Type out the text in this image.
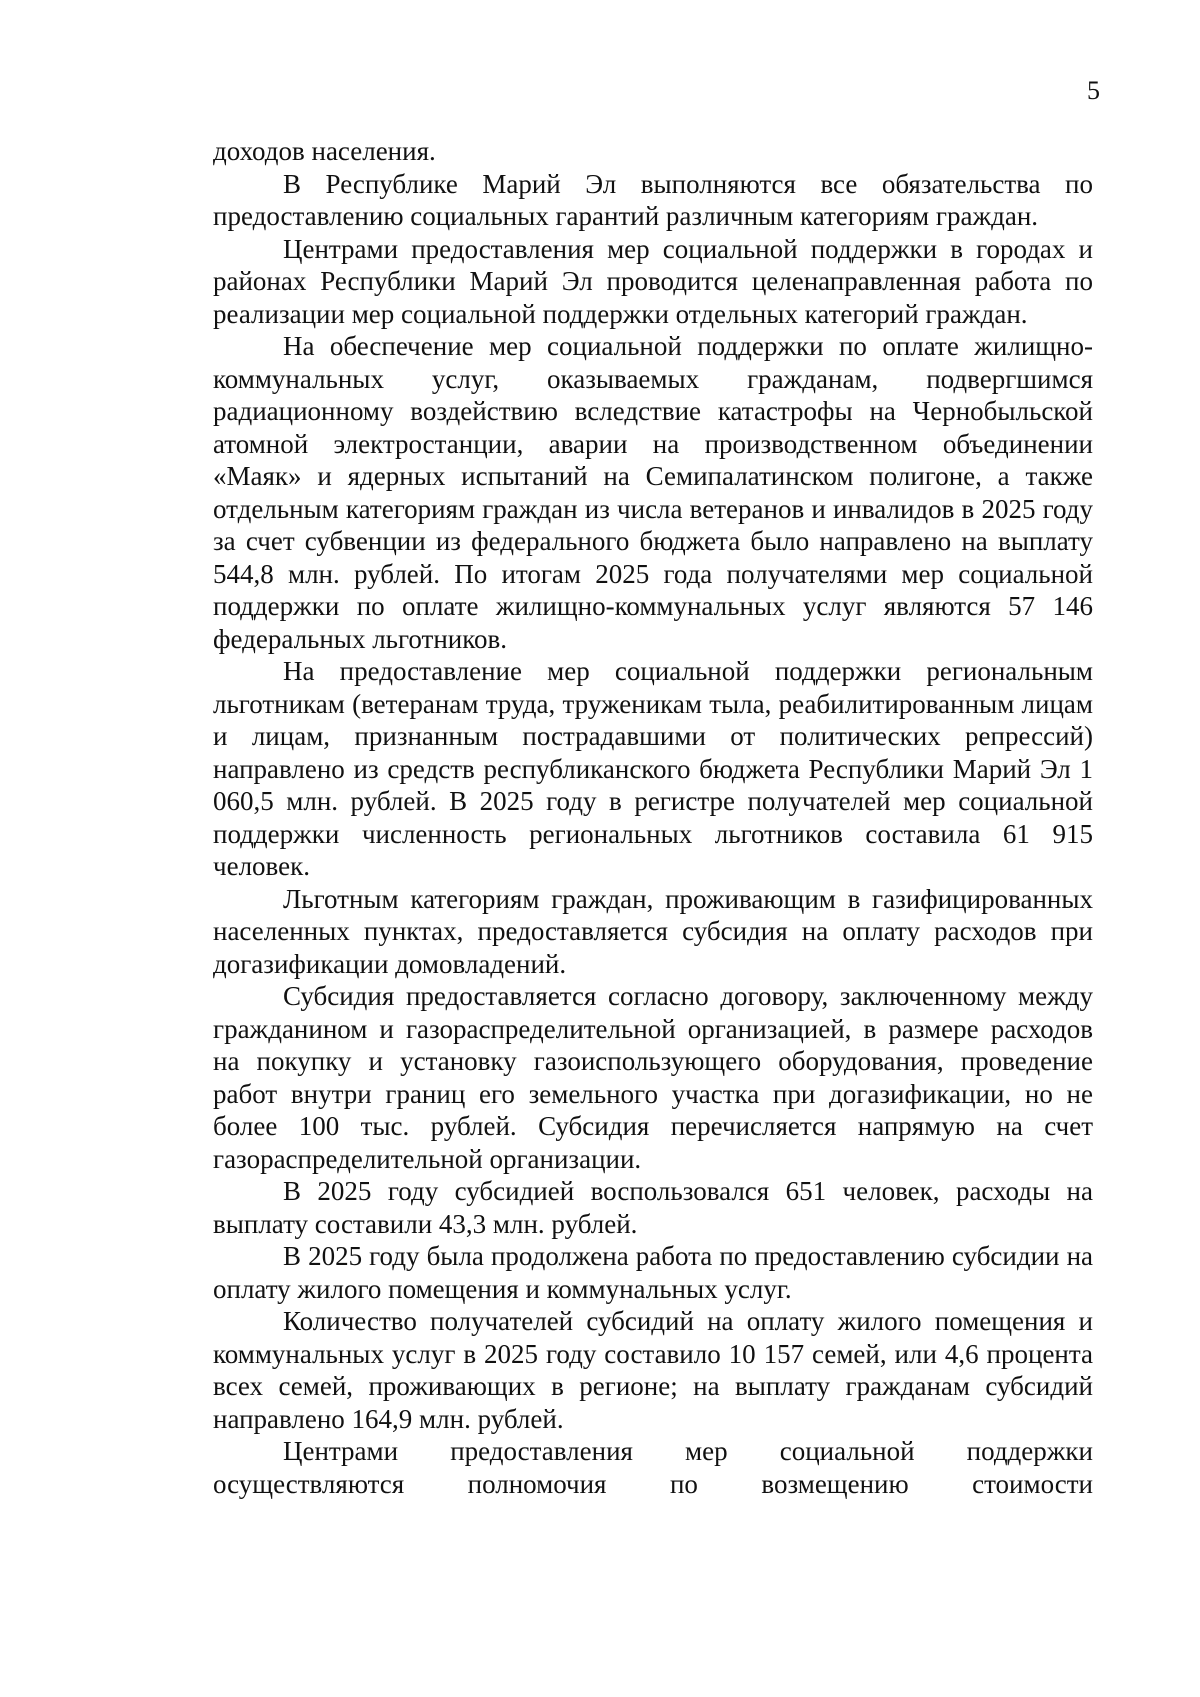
5

доходов населения.

В Республике Марий Эл выполняются все обязательства по предоставлению социальных гарантий различным категориям граждан.

Центрами предоставления мер социальной поддержки в городах и районах Республики Марий Эл проводится целенаправленная работа по реализации мер социальной поддержки отдельных категорий граждан.

На обеспечение мер социальной поддержки по оплате жилищно-коммунальных услуг, оказываемых гражданам, подвергшимся радиационному воздействию вследствие катастрофы на Чернобыльской атомной электростанции, аварии на производственном объединении «Маяк» и ядерных испытаний на Семипалатинском полигоне, а также отдельным категориям граждан из числа ветеранов и инвалидов в 2025 году за счет субвенции из федерального бюджета было направлено на выплату 544,8 млн. рублей. По итогам 2025 года получателями мер социальной поддержки по оплате жилищно-коммунальных услуг являются 57 146 федеральных льготников.

На предоставление мер социальной поддержки региональным льготникам (ветеранам труда, труженикам тыла, реабилитированным лицам и лицам, признанным пострадавшими от политических репрессий) направлено из средств республиканского бюджета Республики Марий Эл 1 060,5 млн. рублей. В 2025 году в регистре получателей мер социальной поддержки численность региональных льготников составила 61 915 человек.

Льготным категориям граждан, проживающим в газифицированных населенных пунктах, предоставляется субсидия на оплату расходов при догазификации домовладений.

Субсидия предоставляется согласно договору, заключенному между гражданином и газораспределительной организацией, в размере расходов на покупку и установку газоиспользующего оборудования, проведение работ внутри границ его земельного участка при догазификации, но не более 100 тыс. рублей. Субсидия перечисляется напрямую на счет газораспределительной организации.

В 2025 году субсидией воспользовался 651 человек, расходы на выплату составили 43,3 млн. рублей.

В 2025 году была продолжена работа по предоставлению субсидии на оплату жилого помещения и коммунальных услуг.

Количество получателей субсидий на оплату жилого помещения и коммунальных услуг в 2025 году составило 10 157 семей, или 4,6 процента всех семей, проживающих в регионе; на выплату гражданам субсидий направлено 164,9 млн. рублей.

Центрами предоставления мер социальной поддержки осуществляются полномочия по возмещению стоимости
